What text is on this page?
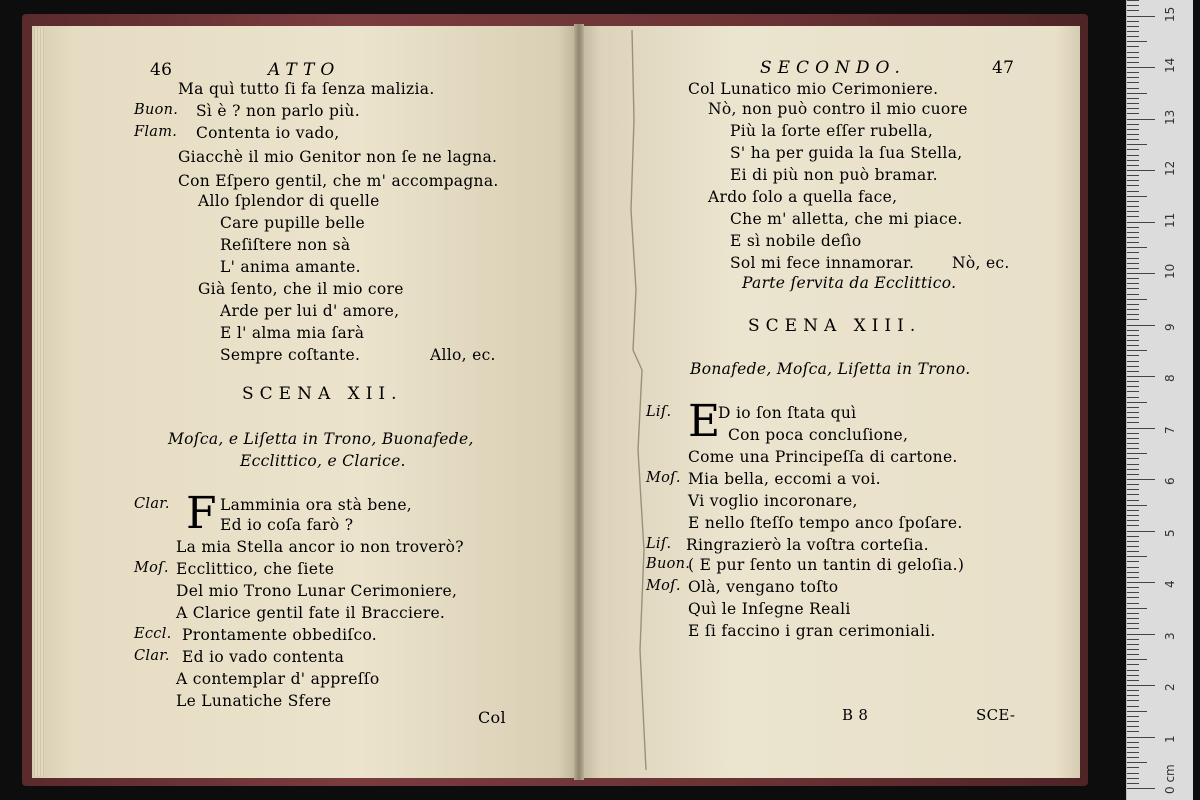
46	ATTO
Ma quì tutto ſi fa ſenza malizia.
Buon. Sì è ? non parlo più.
Flam. Contenta io vado,
Giacchè il mio Genitor non ſe ne lagna.
Con Eſpero gentil, che m' accompagna.
Allo ſplendor di quelle
Care pupille belle
Reſiſtere non sà
L' anima amante.
Già ſento, che il mio core
Arde per lui d' amore,
E l' alma mia ſarà
Sempre coſtante.	Allo, ec.
SCENA XII.
Moſca, e Liſetta in Trono, Buonafede,
Ecclittico, e Clarice.
F
Clar.	Lamminia ora stà bene,
Ed io coſa farò ?
La mia Stella ancor io non troverò?
Moſ. Ecclittico, che ſiete
Del mio Trono Lunar Cerimoniere,
A Clarice gentil fate il Bracciere.
Eccl. Prontamente obbediſco.
Clar. Ed io vado contenta
A contemplar d' appreſſo
Le Lunatiche Sfere
Col
SECONDO.	47
Col Lunatico mio Cerimoniere.
Nò, non può contro il mio cuore
Più la ſorte eſſer rubella,
S' ha per guida la ſua Stella,
Ei di più non può bramar.
Ardo ſolo a quella face,
Che m' alletta, che mi piace.
E sì nobile deſìo
Sol mi fece innamorar. Nò, ec.
Parte ſervita da Ecclittico.
SCENA XIII.
Bonafede, Moſca, Liſetta in Trono.
E
Liſ.	D io ſon ſtata quì
Con poca concluſione,
Come una Principeſſa di cartone.
Moſ. Mia bella, eccomi a voi.
Vi voglio incoronare,
E nello ſteſſo tempo anco ſpoſare.
Liſ. Ringrazierò la voſtra corteſia.
Buon.
( E pur ſento un tantin di geloſia.)
Moſ. Olà, vengano toſto
Quì le Inſegne Reali
E ſi faccino i gran cerimoniali.
B 8	SCE-
0 cm
1
2
3
4
5
6
7
8
9
10
11
12
13
14
15
